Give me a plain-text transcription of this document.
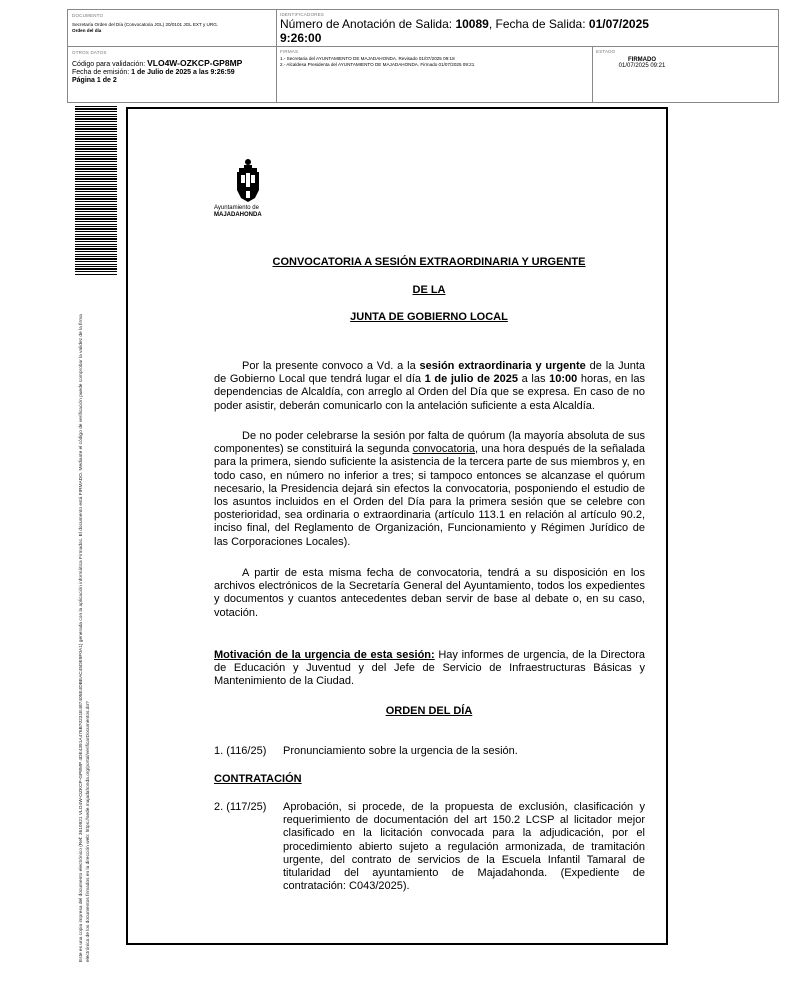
DOCUMENTO
Secretaría Orden del Día (Convocatoria JGL) 20/0101 JGL EXT y URG.
Orden del día
IDENTIFICADORES
Número de Anotación de Salida: 10089, Fecha de Salida: 01/07/2025
9:26:00
OTROS DATOS
Código para validación: VLO4W-OZKCP-GP8MP
Fecha de emisión: 1 de Julio de 2025 a las 9:26:59
Página 1 de 2
FIRMAS
1.- Secretaria del AYUNTAMIENTO DE MAJADAHONDA. Revisado 01/07/2025 09:18
2.- Alcaldesa Presidenta del AYUNTAMIENTO DE MAJADAHONDA. Firmado 01/07/2025 09:21
ESTADO
FIRMADO
01/07/2025 09:21
Este es una copia impresa del documento electrónico (Ref: 3610921 VLO4W-OZKCP-GP8MP 4DE4391A476B70231E487405E4DBEAC45DE9F0A1) generada con la aplicación informática Firmadoc. El documento está FIRMADO. Mediante el código de verificación puede comprobar la validez de la firma electrónica de los documentos firmados en la dirección web: https://sede.majadahonda.org/portal/verificarDocumentos.do?
Ayuntamiento de
MAJADAHONDA
CONVOCATORIA A SESIÓN EXTRAORDINARIA Y URGENTE
DE LA
JUNTA DE GOBIERNO LOCAL

Por la presente convoco a Vd. a la sesión extraordinaria y urgente de la Junta de Gobierno Local que tendrá lugar el día 1 de julio de 2025 a las 10:00 horas, en las dependencias de Alcaldía, con arreglo al Orden del Día que se expresa. En caso de no poder asistir, deberán comunicarlo con la antelación suficiente a esta Alcaldía.

De no poder celebrarse la sesión por falta de quórum (la mayoría absoluta de sus componentes) se constituirá la segunda convocatoria, una hora después de la señalada para la primera, siendo suficiente la asistencia de la tercera parte de sus miembros y, en todo caso, en número no inferior a tres; si tampoco entonces se alcanzase el quórum necesario, la Presidencia dejará sin efectos la convocatoria, posponiendo el estudio de los asuntos incluidos en el Orden del Día para la primera sesión que se celebre con posterioridad, sea ordinaria o extraordinaria (artículo 113.1 en relación al artículo 90.2, inciso final, del Reglamento de Organización, Funcionamiento y Régimen Jurídico de las Corporaciones Locales).

A partir de esta misma fecha de convocatoria, tendrá a su disposición en los archivos electrónicos de la Secretaría General del Ayuntamiento, todos los expedientes y documentos y cuantos antecedentes deban servir de base al debate o, en su caso, votación.

Motivación de la urgencia de esta sesión: Hay informes de urgencia, de la Directora de Educación y Juventud y del Jefe de Servicio de Infraestructuras Básicas y Mantenimiento de la Ciudad.
ORDEN DEL DÍA
1. (116/25) Pronunciamiento sobre la urgencia de la sesión.
CONTRATACIÓN
2. (117/25) Aprobación, si procede, de la propuesta de exclusión, clasificación y requerimiento de documentación del art 150.2 LCSP al licitador mejor clasificado en la licitación convocada para la adjudicación, por el procedimiento abierto sujeto a regulación armonizada, de tramitación urgente, del contrato de servicios de la Escuela Infantil Tamaral de titularidad del ayuntamiento de Majadahonda. (Expediente de contratación: C043/2025).
